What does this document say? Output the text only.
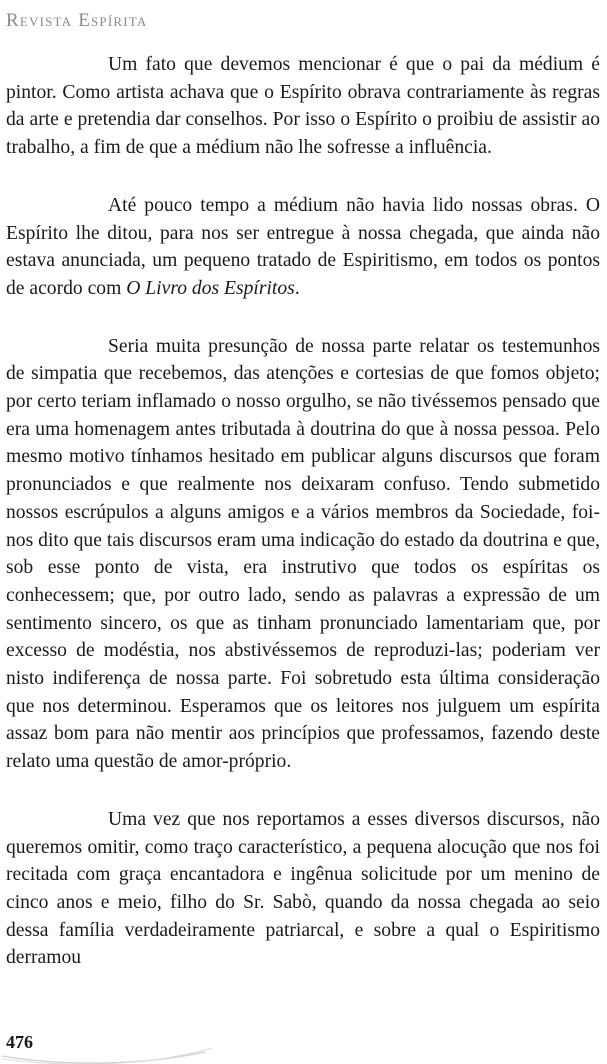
Revista Espírita

Um fato que devemos mencionar é que o pai da médium é pintor. Como artista achava que o Espírito obrava contrariamente às regras da arte e pretendia dar conselhos. Por isso o Espírito o proibiu de assistir ao trabalho, a fim de que a médium não lhe sofresse a influência.

Até pouco tempo a médium não havia lido nossas obras. O Espírito lhe ditou, para nos ser entregue à nossa chegada, que ainda não estava anunciada, um pequeno tratado de Espiritismo, em todos os pontos de acordo com O Livro dos Espíritos.

Seria muita presunção de nossa parte relatar os testemunhos de simpatia que recebemos, das atenções e cortesias de que fomos objeto; por certo teriam inflamado o nosso orgulho, se não tivéssemos pensado que era uma homenagem antes tributada à doutrina do que à nossa pessoa. Pelo mesmo motivo tínhamos hesitado em publicar alguns discursos que foram pronunciados e que realmente nos deixaram confuso. Tendo submetido nossos escrúpulos a alguns amigos e a vários membros da Sociedade, foi-nos dito que tais discursos eram uma indicação do estado da doutrina e que, sob esse ponto de vista, era instrutivo que todos os espíritas os conhecessem; que, por outro lado, sendo as palavras a expressão de um sentimento sincero, os que as tinham pronunciado lamentariam que, por excesso de modéstia, nos abstivéssemos de reproduzi-las; poderiam ver nisto indiferença de nossa parte. Foi sobretudo esta última consideração que nos determinou. Esperamos que os leitores nos julguem um espírita assaz bom para não mentir aos princípios que professamos, fazendo deste relato uma questão de amor-próprio.

Uma vez que nos reportamos a esses diversos discursos, não queremos omitir, como traço característico, a pequena alocução que nos foi recitada com graça encantadora e ingênua solicitude por um menino de cinco anos e meio, filho do Sr. Sabò, quando da nossa chegada ao seio dessa família verdadeiramente patriarcal, e sobre a qual o Espiritismo derramou

476
